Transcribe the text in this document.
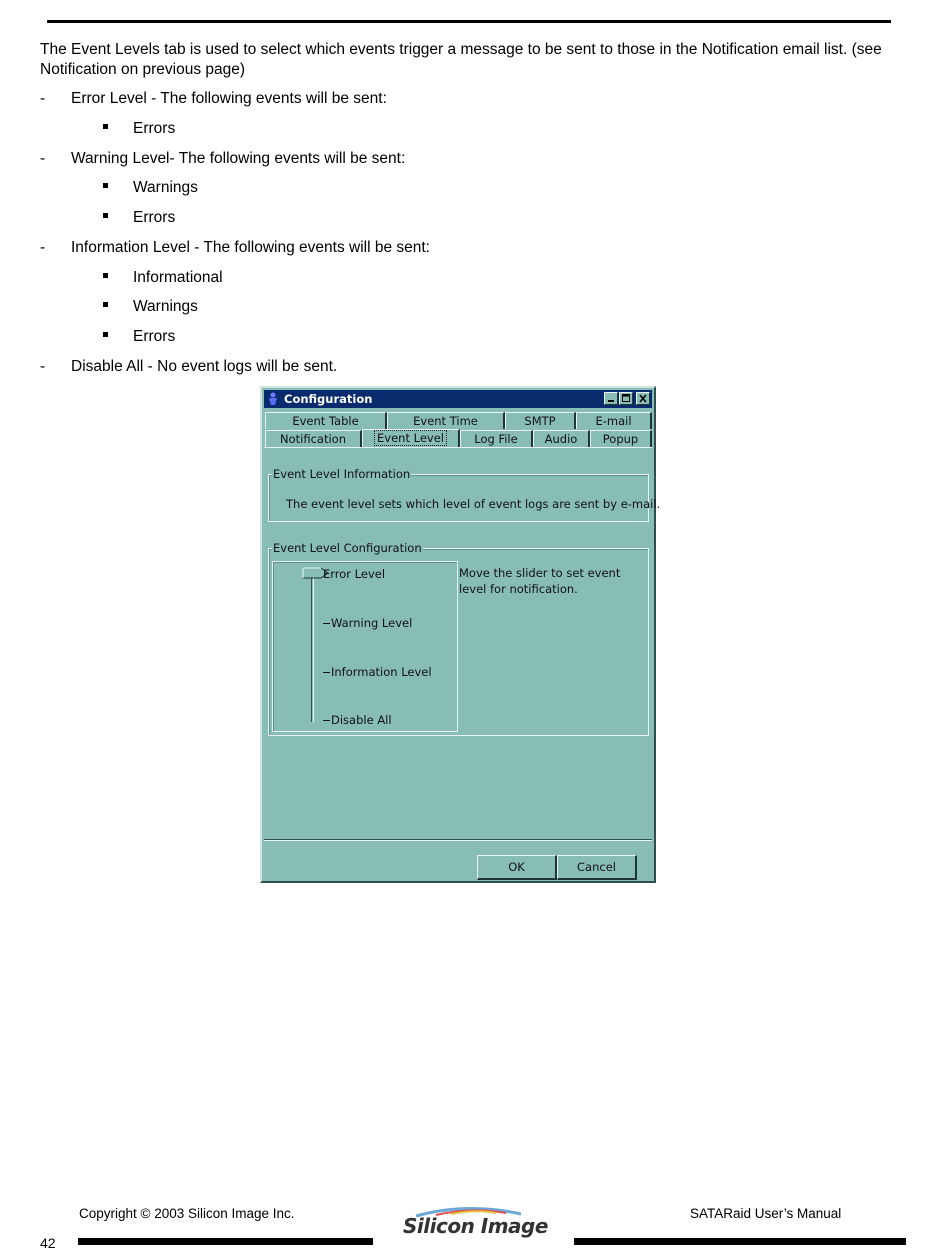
The Event Levels tab is used to select which events trigger a message to be sent to those in the Notification email list. (see Notification on previous page)

- Error Level - The following events will be sent:
Errors
- Warning Level- The following events will be sent:
Warnings
Errors
- Information Level - The following events will be sent:
Informational
Warnings
Errors
- Disable All - No event logs will be sent.
Configuration
Event Table	Event Time	SMTP	E-mail
Notification	Event Level	Log File	Audio	Popup
Event Level Information
The event level sets which level of event logs are sent by e-mail.
Event Level Configuration
Error Level
Warning Level
Information Level
Disable All
Move the slider to set event level for notification.
OK	Cancel
Copyright © 2003 Silicon Image Inc.	SATARaid User’s Manual
42
Silicon Image
